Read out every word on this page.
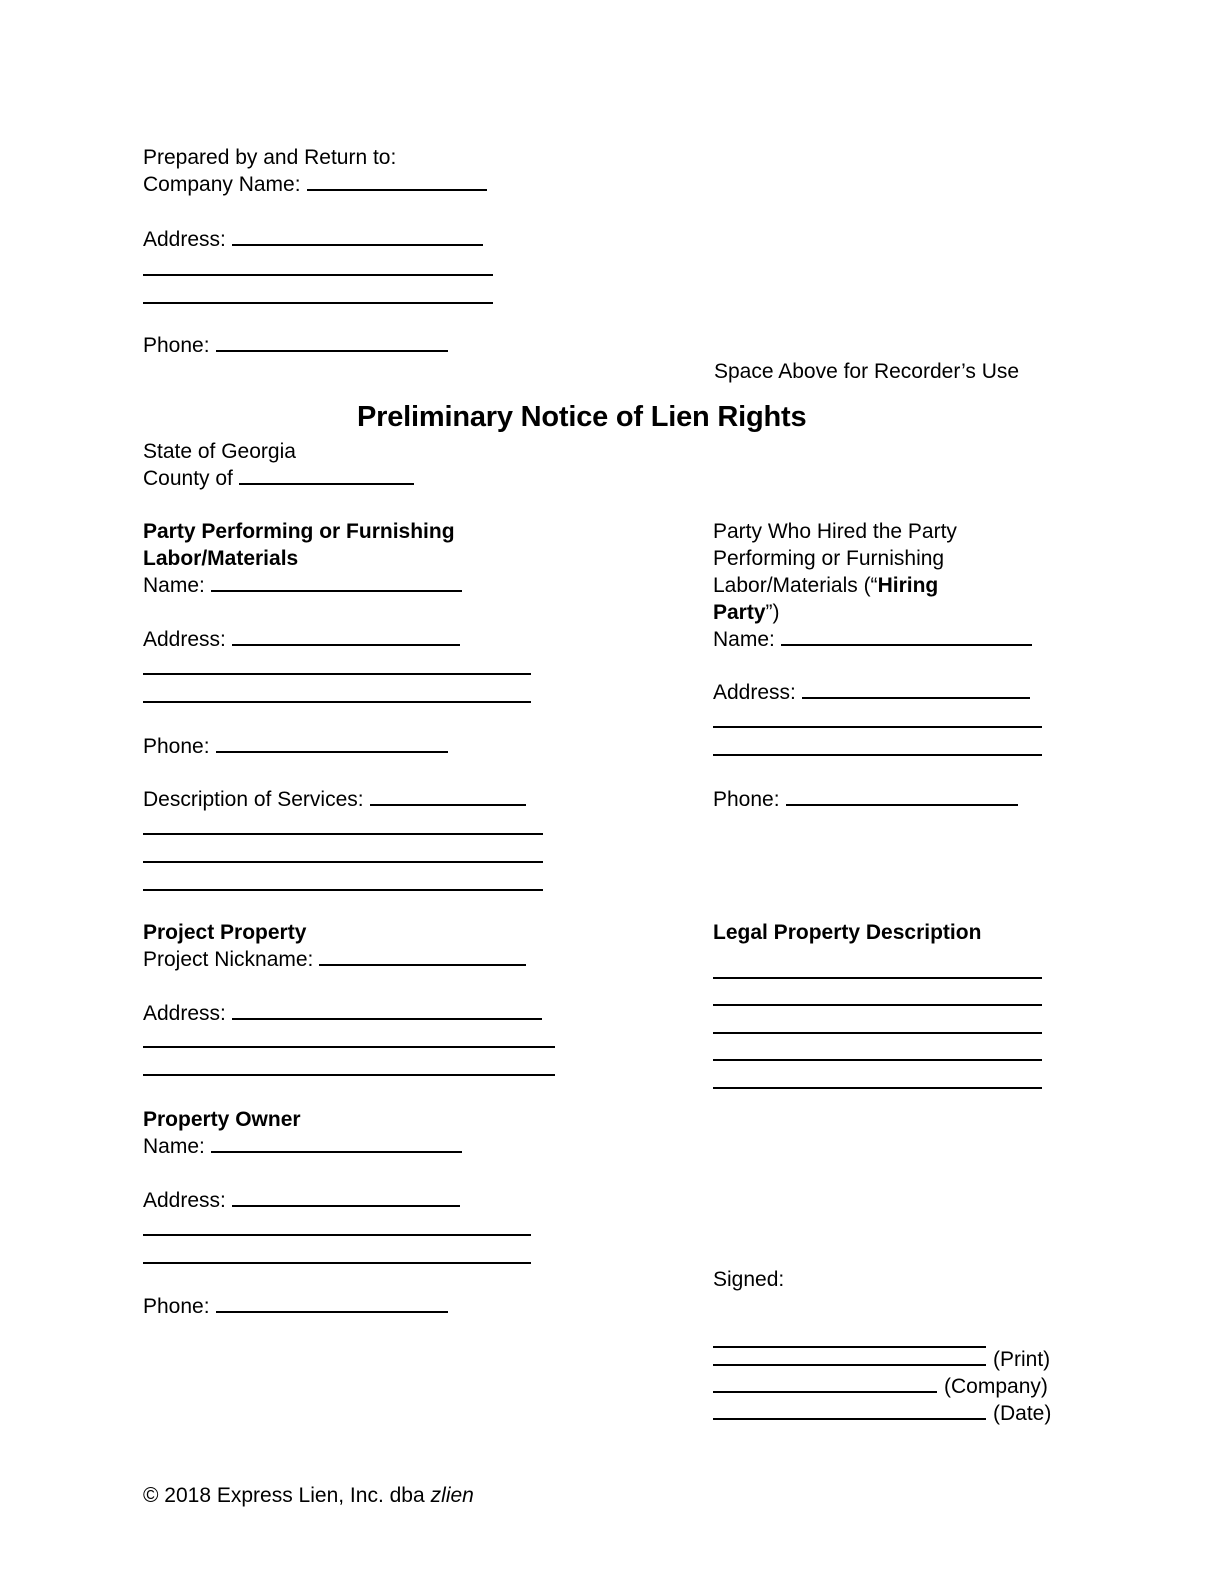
Prepared by and Return to:
Company Name:
Address:
Phone:
Space Above for Recorder’s Use
Preliminary Notice of Lien Rights
State of Georgia
County of
Party Performing or Furnishing
Labor/Materials
Name:
Address:
Phone:
Description of Services:
Party Who Hired the Party
Performing or Furnishing
Labor/Materials (“Hiring
Party”)
Name:
Address:
Phone:
Project Property
Project Nickname:
Address:
Legal Property Description
Property Owner
Name:
Address:
Phone:
Signed:
(Print)
(Company)
(Date)
© 2018 Express Lien, Inc. dba zlien
